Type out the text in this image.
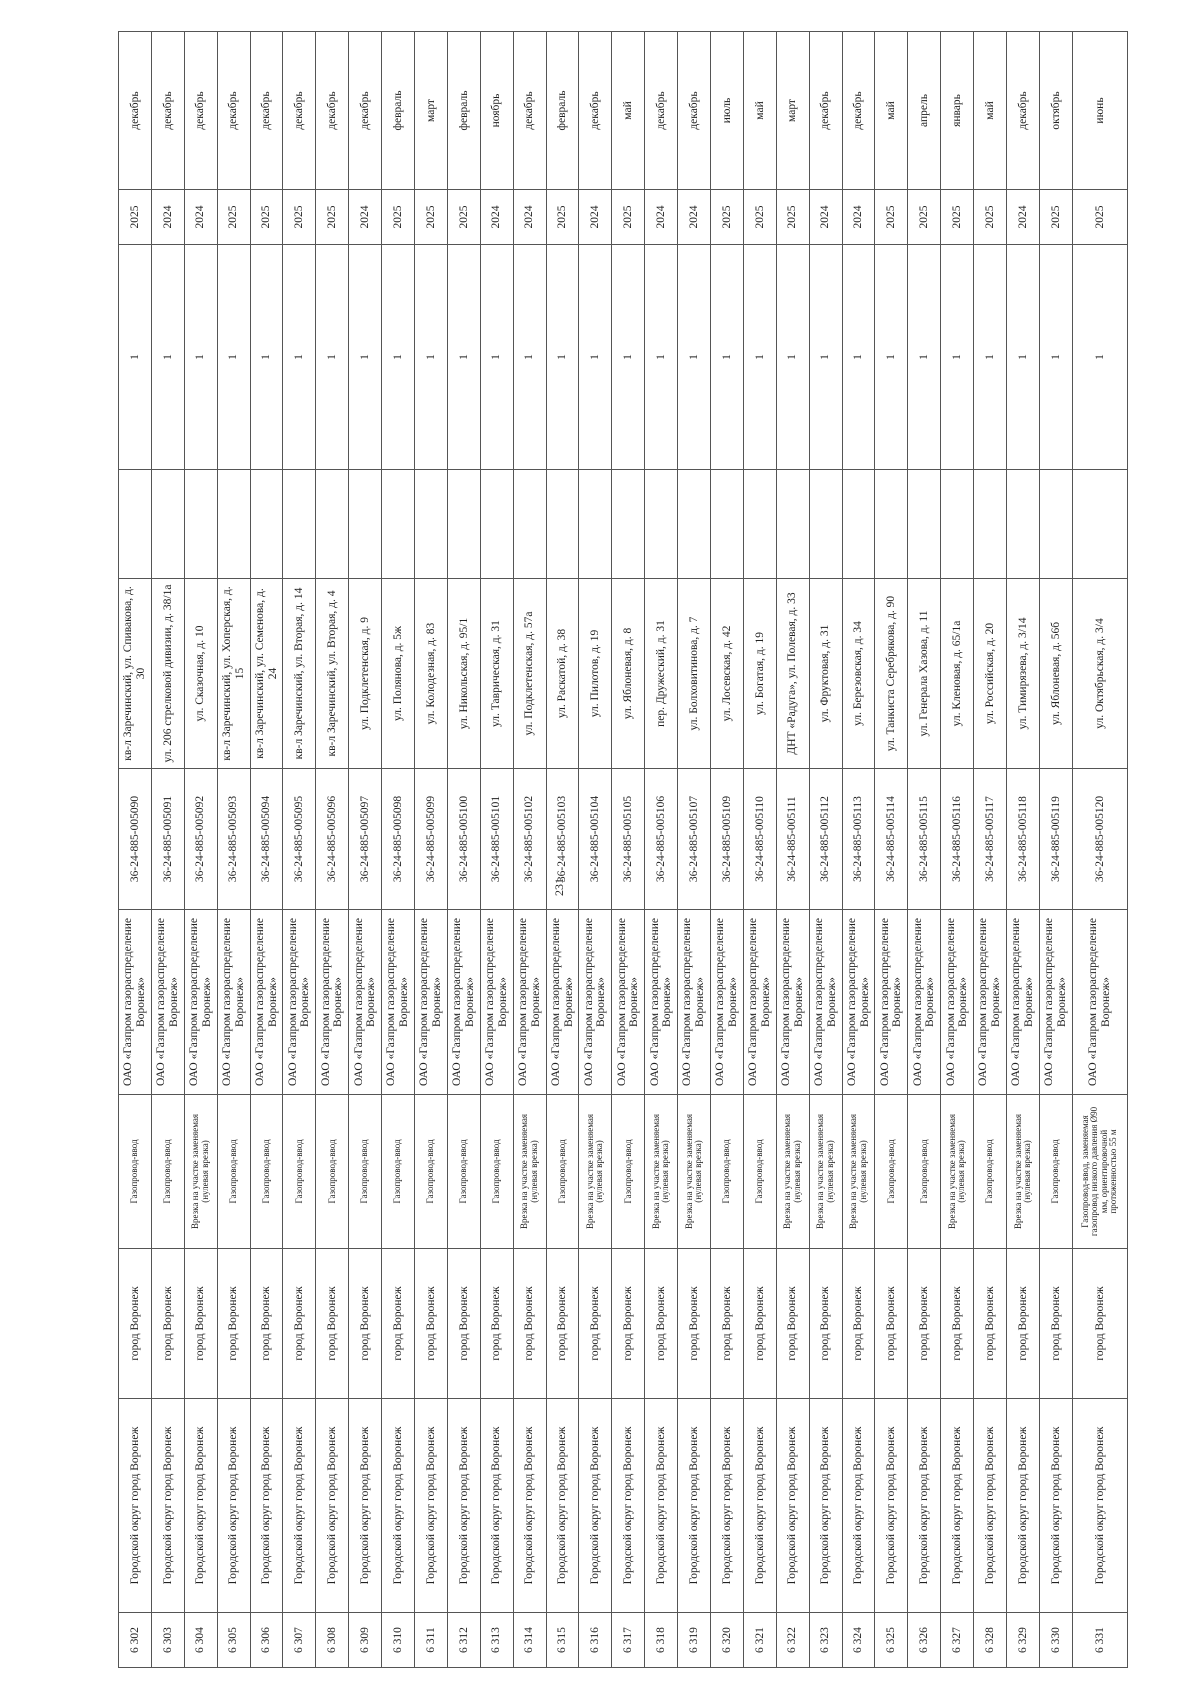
231
6 302	Городской округ город Воронеж	город Воронеж	Газопровод-ввод	ОАО «Газпром газораспределение Воронеж»	36-24-885-005090	кв-л Заречинский, ул. Спивакова, д. 30		1	2025	декабрь
6 303	Городской округ город Воронеж	город Воронеж	Газопровод-ввод	ОАО «Газпром газораспределение Воронеж»	36-24-885-005091	ул. 206 стрелковой дивизии, д. 38/1а		1	2024	декабрь
6 304	Городской округ город Воронеж	город Воронеж	Врезка на участке заменяемая (нулевая врезка)	ОАО «Газпром газораспределение Воронеж»	36-24-885-005092	ул. Сказочная, д. 10		1	2024	декабрь
6 305	Городской округ город Воронеж	город Воронеж	Газопровод-ввод	ОАО «Газпром газораспределение Воронеж»	36-24-885-005093	кв-л Заречинский, ул. Хоперская, д. 15		1	2025	декабрь
6 306	Городской округ город Воронеж	город Воронеж	Газопровод-ввод	ОАО «Газпром газораспределение Воронеж»	36-24-885-005094	кв-л Заречинский, ул. Семенова, д. 24		1	2025	декабрь
6 307	Городской округ город Воронеж	город Воронеж	Газопровод-ввод	ОАО «Газпром газораспределение Воронеж»	36-24-885-005095	кв-л Заречинский, ул. Вторая, д. 14		1	2025	декабрь
6 308	Городской округ город Воронеж	город Воронеж	Газопровод-ввод	ОАО «Газпром газораспределение Воронеж»	36-24-885-005096	кв-л Заречинский, ул. Вторая, д. 4		1	2025	декабрь
6 309	Городской округ город Воронеж	город Воронеж	Газопровод-ввод	ОАО «Газпром газораспределение Воронеж»	36-24-885-005097	ул. Подклетенская, д. 9		1	2024	декабрь
6 310	Городской округ город Воронеж	город Воронеж	Газопровод-ввод	ОАО «Газпром газораспределение Воронеж»	36-24-885-005098	ул. Полянова, д. 5ж		1	2025	февраль
6 311	Городской округ город Воронеж	город Воронеж	Газопровод-ввод	ОАО «Газпром газораспределение Воронеж»	36-24-885-005099	ул. Колодезная, д. 83		1	2025	март
6 312	Городской округ город Воронеж	город Воронеж	Газопровод-ввод	ОАО «Газпром газораспределение Воронеж»	36-24-885-005100	ул. Никольская, д. 95/1		1	2025	февраль
6 313	Городской округ город Воронеж	город Воронеж	Газопровод-ввод	ОАО «Газпром газораспределение Воронеж»	36-24-885-005101	ул. Таврическая, д. 31		1	2024	ноябрь
6 314	Городской округ город Воронеж	город Воронеж	Врезка на участке заменяемая (нулевая врезка)	ОАО «Газпром газораспределение Воронеж»	36-24-885-005102	ул. Подклетенская, д. 57а		1	2024	декабрь
6 315	Городской округ город Воронеж	город Воронеж	Газопровод-ввод	ОАО «Газпром газораспределение Воронеж»	36-24-885-005103	ул. Раскатой, д. 38		1	2025	февраль
6 316	Городской округ город Воронеж	город Воронеж	Врезка на участке заменяемая (нулевая врезка)	ОАО «Газпром газораспределение Воронеж»	36-24-885-005104	ул. Пилотов, д. 19		1	2024	декабрь
6 317	Городской округ город Воронеж	город Воронеж	Газопровод-ввод	ОАО «Газпром газораспределение Воронеж»	36-24-885-005105	ул. Яблоневая, д. 8		1	2025	май
6 318	Городской округ город Воронеж	город Воронеж	Врезка на участке заменяемая (нулевая врезка)	ОАО «Газпром газораспределение Воронеж»	36-24-885-005106	пер. Дружеский, д. 31		1	2024	декабрь
6 319	Городской округ город Воронеж	город Воронеж	Врезка на участке заменяемая (нулевая врезка)	ОАО «Газпром газораспределение Воронеж»	36-24-885-005107	ул. Болховитинова, д. 7		1	2024	декабрь
6 320	Городской округ город Воронеж	город Воронеж	Газопровод-ввод	ОАО «Газпром газораспределение Воронеж»	36-24-885-005109	ул. Лосевская, д. 42		1	2025	июль
6 321	Городской округ город Воронеж	город Воронеж	Газопровод-ввод	ОАО «Газпром газораспределение Воронеж»	36-24-885-005110	ул. Богатая, д. 19		1	2025	май
6 322	Городской округ город Воронеж	город Воронеж	Врезка на участке заменяемая (нулевая врезка)	ОАО «Газпром газораспределение Воронеж»	36-24-885-005111	ДНТ «Радуга», ул. Полевая, д. 33		1	2025	март
6 323	Городской округ город Воронеж	город Воронеж	Врезка на участке заменяемая (нулевая врезка)	ОАО «Газпром газораспределение Воронеж»	36-24-885-005112	ул. Фруктовая, д. 31		1	2024	декабрь
6 324	Городской округ город Воронеж	город Воронеж	Врезка на участке заменяемая (нулевая врезка)	ОАО «Газпром газораспределение Воронеж»	36-24-885-005113	ул. Березовская, д. 34		1	2024	декабрь
6 325	Городской округ город Воронеж	город Воронеж	Газопровод-ввод	ОАО «Газпром газораспределение Воронеж»	36-24-885-005114	ул. Танкиста Серебрякова, д. 90		1	2025	май
6 326	Городской округ город Воронеж	город Воронеж	Газопровод-ввод	ОАО «Газпром газораспределение Воронеж»	36-24-885-005115	ул. Генерала Хазова, д. 11		1	2025	апрель
6 327	Городской округ город Воронеж	город Воронеж	Врезка на участке заменяемая (нулевая врезка)	ОАО «Газпром газораспределение Воронеж»	36-24-885-005116	ул. Кленовая, д. 65/1а		1	2025	январь
6 328	Городской округ город Воронеж	город Воронеж	Газопровод-ввод	ОАО «Газпром газораспределение Воронеж»	36-24-885-005117	ул. Российская, д. 20		1	2025	май
6 329	Городской округ город Воронеж	город Воронеж	Врезка на участке заменяемая (нулевая врезка)	ОАО «Газпром газораспределение Воронеж»	36-24-885-005118	ул. Тимирязева, д. 3/14		1	2024	декабрь
6 330	Городской округ город Воронеж	город Воронеж	Газопровод-ввод	ОАО «Газпром газораспределение Воронеж»	36-24-885-005119	ул. Яблоневая, д. 56б		1	2025	октябрь
6 331	Городской округ город Воронеж	город Воронеж	Газопровод-ввод, заменяемая газопровод низкого давления Ø90 мм, ориентировочной протяженностью 55 м	ОАО «Газпром газораспределение Воронеж»	36-24-885-005120	ул. Октябрьская, д. 3/4		1	2025	июнь
